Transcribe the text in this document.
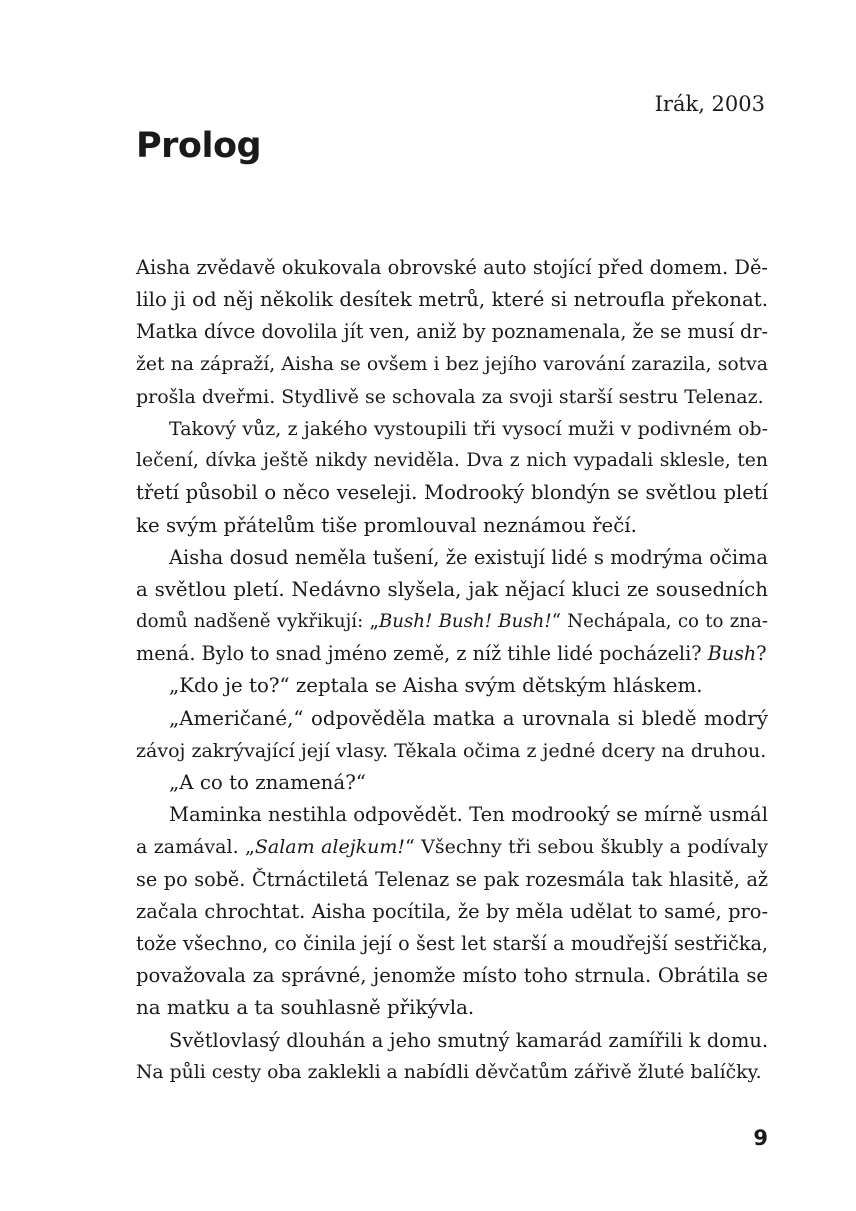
Irák, 2003
Prolog
Aisha zvědavě okukovala obrovské auto stojící před domem. Dě-
lilo ji od něj několik desítek metrů, které si netroufla překonat.
Matka dívce dovolila jít ven, aniž by poznamenala, že se musí dr-
žet na zápraží, Aisha se ovšem i bez jejího varování zarazila, sotva
prošla dveřmi. Stydlivě se schovala za svoji starší sestru Telenaz.
Takový vůz, z jakého vystoupili tři vysocí muži v podivném ob-
lečení, dívka ještě nikdy neviděla. Dva z nich vypadali sklesle, ten
třetí působil o něco veseleji. Modrooký blondýn se světlou pletí
ke svým přátelům tiše promlouval neznámou řečí.
Aisha dosud neměla tušení, že existují lidé s modrýma očima
a světlou pletí. Nedávno slyšela, jak nějací kluci ze sousedních
domů nadšeně vykřikují: „Bush! Bush! Bush!“ Nechápala, co to zna-
mená. Bylo to snad jméno země, z níž tihle lidé pocházeli? Bush?
„Kdo je to?“ zeptala se Aisha svým dětským hláskem.
„Američané,“ odpověděla matka a urovnala si bledě modrý
závoj zakrývající její vlasy. Těkala očima z jedné dcery na druhou.
„A co to znamená?“
Maminka nestihla odpovědět. Ten modrooký se mírně usmál
a zamával. „Salam alejkum!“ Všechny tři sebou škubly a podívaly
se po sobě. Čtrnáctiletá Telenaz se pak rozesmála tak hlasitě, až
začala chrochtat. Aisha pocítila, že by měla udělat to samé, pro-
tože všechno, co činila její o šest let starší a moudřejší sestřička,
považovala za správné, jenomže místo toho strnula. Obrátila se
na matku a ta souhlasně přikývla.
Světlovlasý dlouhán a jeho smutný kamarád zamířili k domu.
Na půli cesty oba zaklekli a nabídli děvčatům zářivě žluté balíčky.
9
